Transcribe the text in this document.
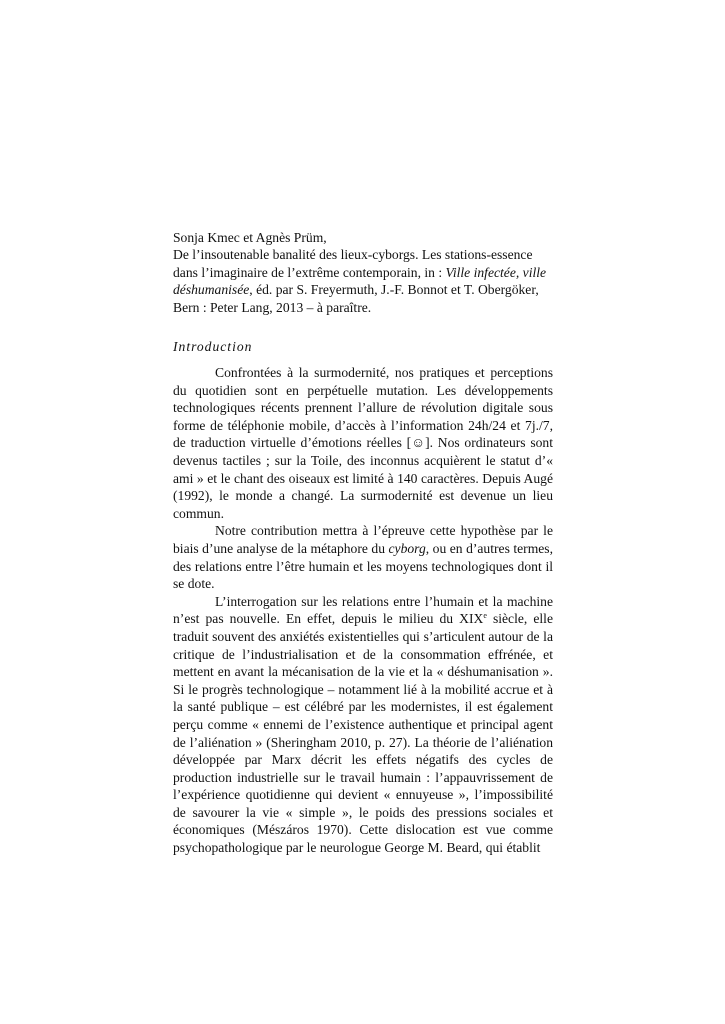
Sonja Kmec et Agnès Prüm,

De l’insoutenable banalité des lieux-cyborgs. Les stations-essence

dans l’imaginaire de l’extrême contemporain, in : Ville infectée, ville déshumanisée, éd. par S. Freyermuth, J.-F. Bonnot et T. Obergöker,

Bern : Peter Lang, 2013 – à paraître.

Introduction

Confrontées à la surmodernité, nos pratiques et perceptions du quotidien sont en perpétuelle mutation. Les développements technologiques récents prennent l’allure de révolution digitale sous forme de téléphonie mobile, d’accès à l’information 24h/24 et 7j./7, de traduction virtuelle d’émotions réelles [☺]. Nos ordinateurs sont devenus tactiles ; sur la Toile, des inconnus acquièrent le statut d’« ami » et le chant des oiseaux est limité à 140 caractères. Depuis Augé (1992), le monde a changé. La surmodernité est devenue un lieu commun.

Notre contribution mettra à l’épreuve cette hypothèse par le biais d’une analyse de la métaphore du cyborg, ou en d’autres termes, des relations entre l’être humain et les moyens technologiques dont il se dote.

L’interrogation sur les relations entre l’humain et la machine n’est pas nouvelle. En effet, depuis le milieu du XIXe siècle, elle traduit souvent des anxiétés existentielles qui s’articulent autour de la critique de l’industrialisation et de la consommation effrénée, et mettent en avant la mécanisation de la vie et la « déshumanisation ». Si le progrès technologique – notamment lié à la mobilité accrue et à la santé publique – est célébré par les modernistes, il est également perçu comme « ennemi de l’existence authentique et principal agent de l’aliénation » (Sheringham 2010, p. 27). La théorie de l’aliénation développée par Marx décrit les effets négatifs des cycles de production industrielle sur le travail humain : l’appauvrissement de l’expérience quotidienne qui devient « ennuyeuse », l’impossibilité de savourer la vie « simple », le poids des pressions sociales et économiques (Mészáros 1970). Cette dislocation est vue comme psychopathologique par le neurologue George M. Beard, qui établit
